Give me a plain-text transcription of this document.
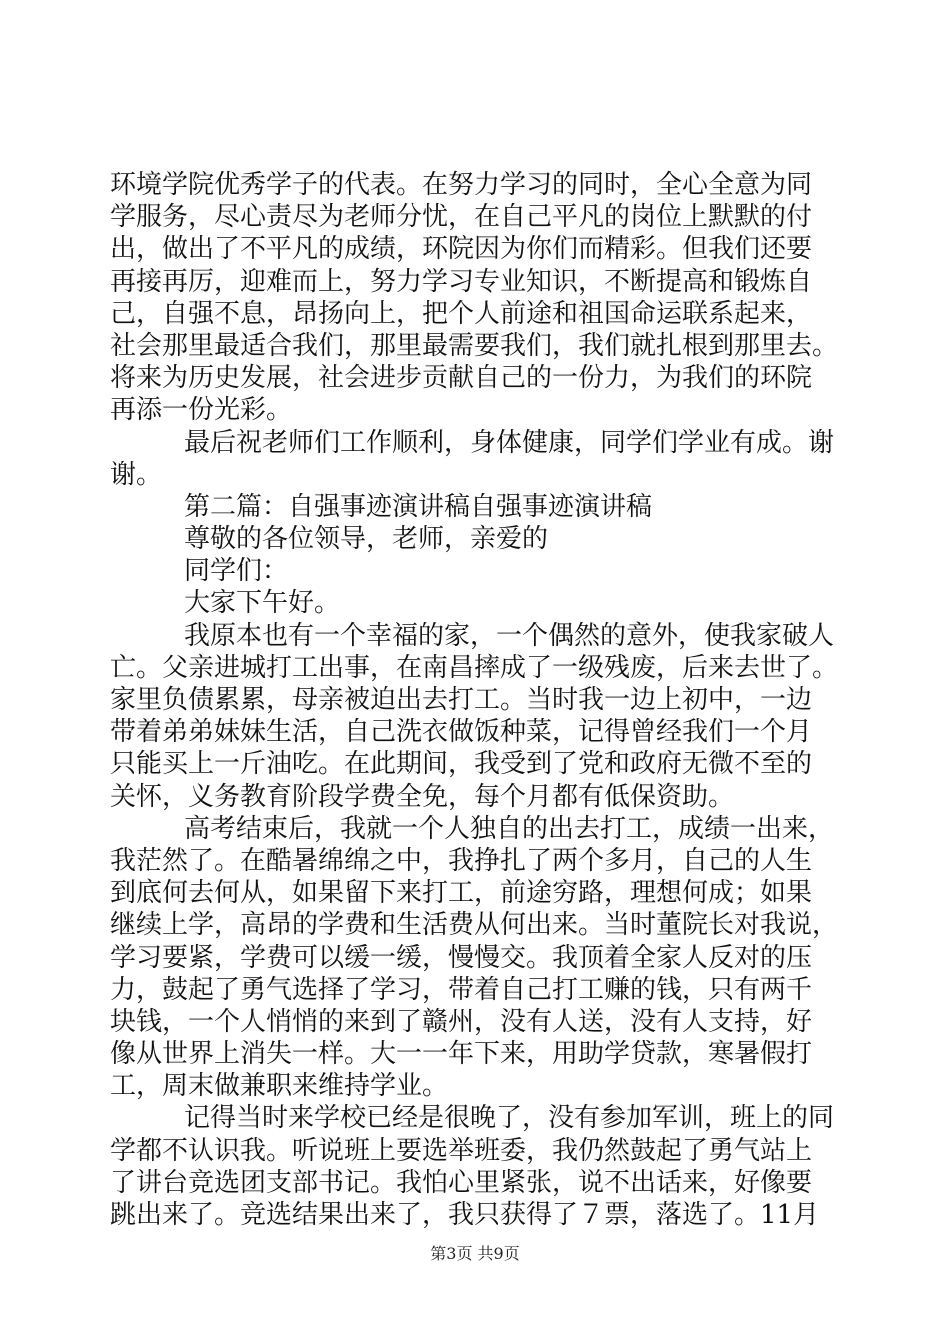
环境学院优秀学子的代表。在努力学习的同时，全心全意为同
学服务，尽心责尽为老师分忧，在自己平凡的岗位上默默的付
出，做出了不平凡的成绩，环院因为你们而精彩。但我们还要
再接再厉，迎难而上，努力学习专业知识，不断提高和锻炼自
己，自强不息，昂扬向上，把个人前途和祖国命运联系起来，
社会那里最适合我们，那里最需要我们，我们就扎根到那里去。
将来为历史发展，社会进步贡献自己的一份力，为我们的环院
再添一份光彩。
最后祝老师们工作顺利，身体健康，同学们学业有成。谢
谢。
第二篇：自强事迹演讲稿自强事迹演讲稿
尊敬的各位领导，老师，亲爱的
同学们：
大家下午好。
我原本也有一个幸福的家，一个偶然的意外，使我家破人
亡。父亲进城打工出事，在南昌摔成了一级残废，后来去世了。
家里负债累累，母亲被迫出去打工。当时我一边上初中，一边
带着弟弟妹妹生活，自己洗衣做饭种菜，记得曾经我们一个月
只能买上一斤油吃。在此期间，我受到了党和政府无微不至的
关怀，义务教育阶段学费全免，每个月都有低保资助。
高考结束后，我就一个人独自的出去打工，成绩一出来，
我茫然了。在酷暑绵绵之中，我挣扎了两个多月，自己的人生
到底何去何从，如果留下来打工，前途穷路，理想何成；如果
继续上学，高昂的学费和生活费从何出来。当时董院长对我说，
学习要紧，学费可以缓一缓，慢慢交。我顶着全家人反对的压
力，鼓起了勇气选择了学习，带着自己打工赚的钱，只有两千
块钱，一个人悄悄的来到了赣州，没有人送，没有人支持，好
像从世界上消失一样。大一一年下来，用助学贷款，寒暑假打
工，周末做兼职来维持学业。
记得当时来学校已经是很晚了，没有参加军训，班上的同
学都不认识我。听说班上要选举班委，我仍然鼓起了勇气站上
了讲台竞选团支部书记。我怕心里紧张，说不出话来，好像要
跳出来了。竞选结果出来了，我只获得了７票，落选了。11月
第3页 共9页
